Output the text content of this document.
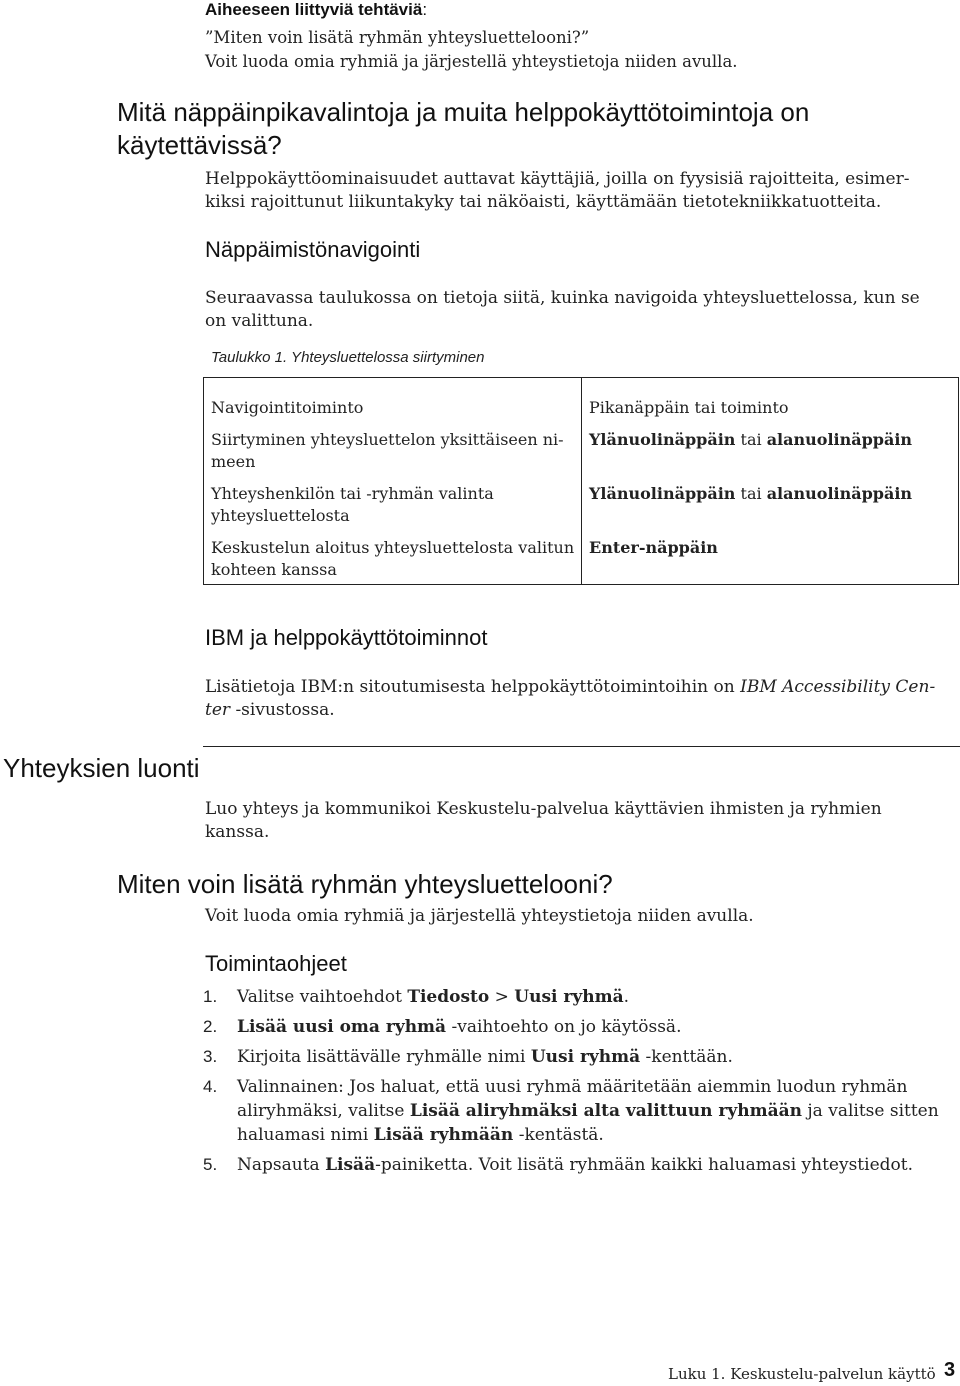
Aiheeseen liittyviä tehtäviä:
”Miten voin lisätä ryhmän yhteysluettelooni?”
Voit luoda omia ryhmiä ja järjestellä yhteystietoja niiden avulla.
Mitä näppäinpikavalintoja ja muita helppokäyttötoimintoja on
käytettävissä?
Helppokäyttöominaisuudet auttavat käyttäjiä, joilla on fyysisiä rajoitteita, esimer-
kiksi rajoittunut liikuntakyky tai näköaisti, käyttämään tietotekniikkatuotteita.
Näppäimistönavigointi
Seuraavassa taulukossa on tietoja siitä, kuinka navigoida yhteysluettelossa, kun se
on valittuna.
Taulukko 1. Yhteysluettelossa siirtyminen
Navigointitoiminto	Pikanäppäin tai toiminto
Siirtyminen yhteysluettelon yksittäiseen ni-
meen
Ylänuolinäppäin tai alanuolinäppäin
Yhteyshenkilön tai -ryhmän valinta
yhteysluettelosta
Ylänuolinäppäin tai alanuolinäppäin
Keskustelun aloitus yhteysluettelosta valitun
kohteen kanssa
Enter-näppäin
IBM ja helppokäyttötoiminnot
Lisätietoja IBM:n sitoutumisesta helppokäyttötoimintoihin on IBM Accessibility Cen-
ter -sivustossa.
Yhteyksien luonti
Luo yhteys ja kommunikoi Keskustelu-palvelua käyttävien ihmisten ja ryhmien
kanssa.
Miten voin lisätä ryhmän yhteysluettelooni?
Voit luoda omia ryhmiä ja järjestellä yhteystietoja niiden avulla.
Toimintaohjeet
1. Valitse vaihtoehdot Tiedosto > Uusi ryhmä.
2. Lisää uusi oma ryhmä -vaihtoehto on jo käytössä.
3. Kirjoita lisättävälle ryhmälle nimi Uusi ryhmä -kenttään.
4. Valinnainen: Jos haluat, että uusi ryhmä määritetään aiemmin luodun ryhmän
aliryhmäksi, valitse Lisää aliryhmäksi alta valittuun ryhmään ja valitse sitten
haluamasi nimi Lisää ryhmään -kentästä.
5. Napsauta Lisää-painiketta. Voit lisätä ryhmään kaikki haluamasi yhteystiedot.
Luku 1. Keskustelu-palvelun käyttö 3
